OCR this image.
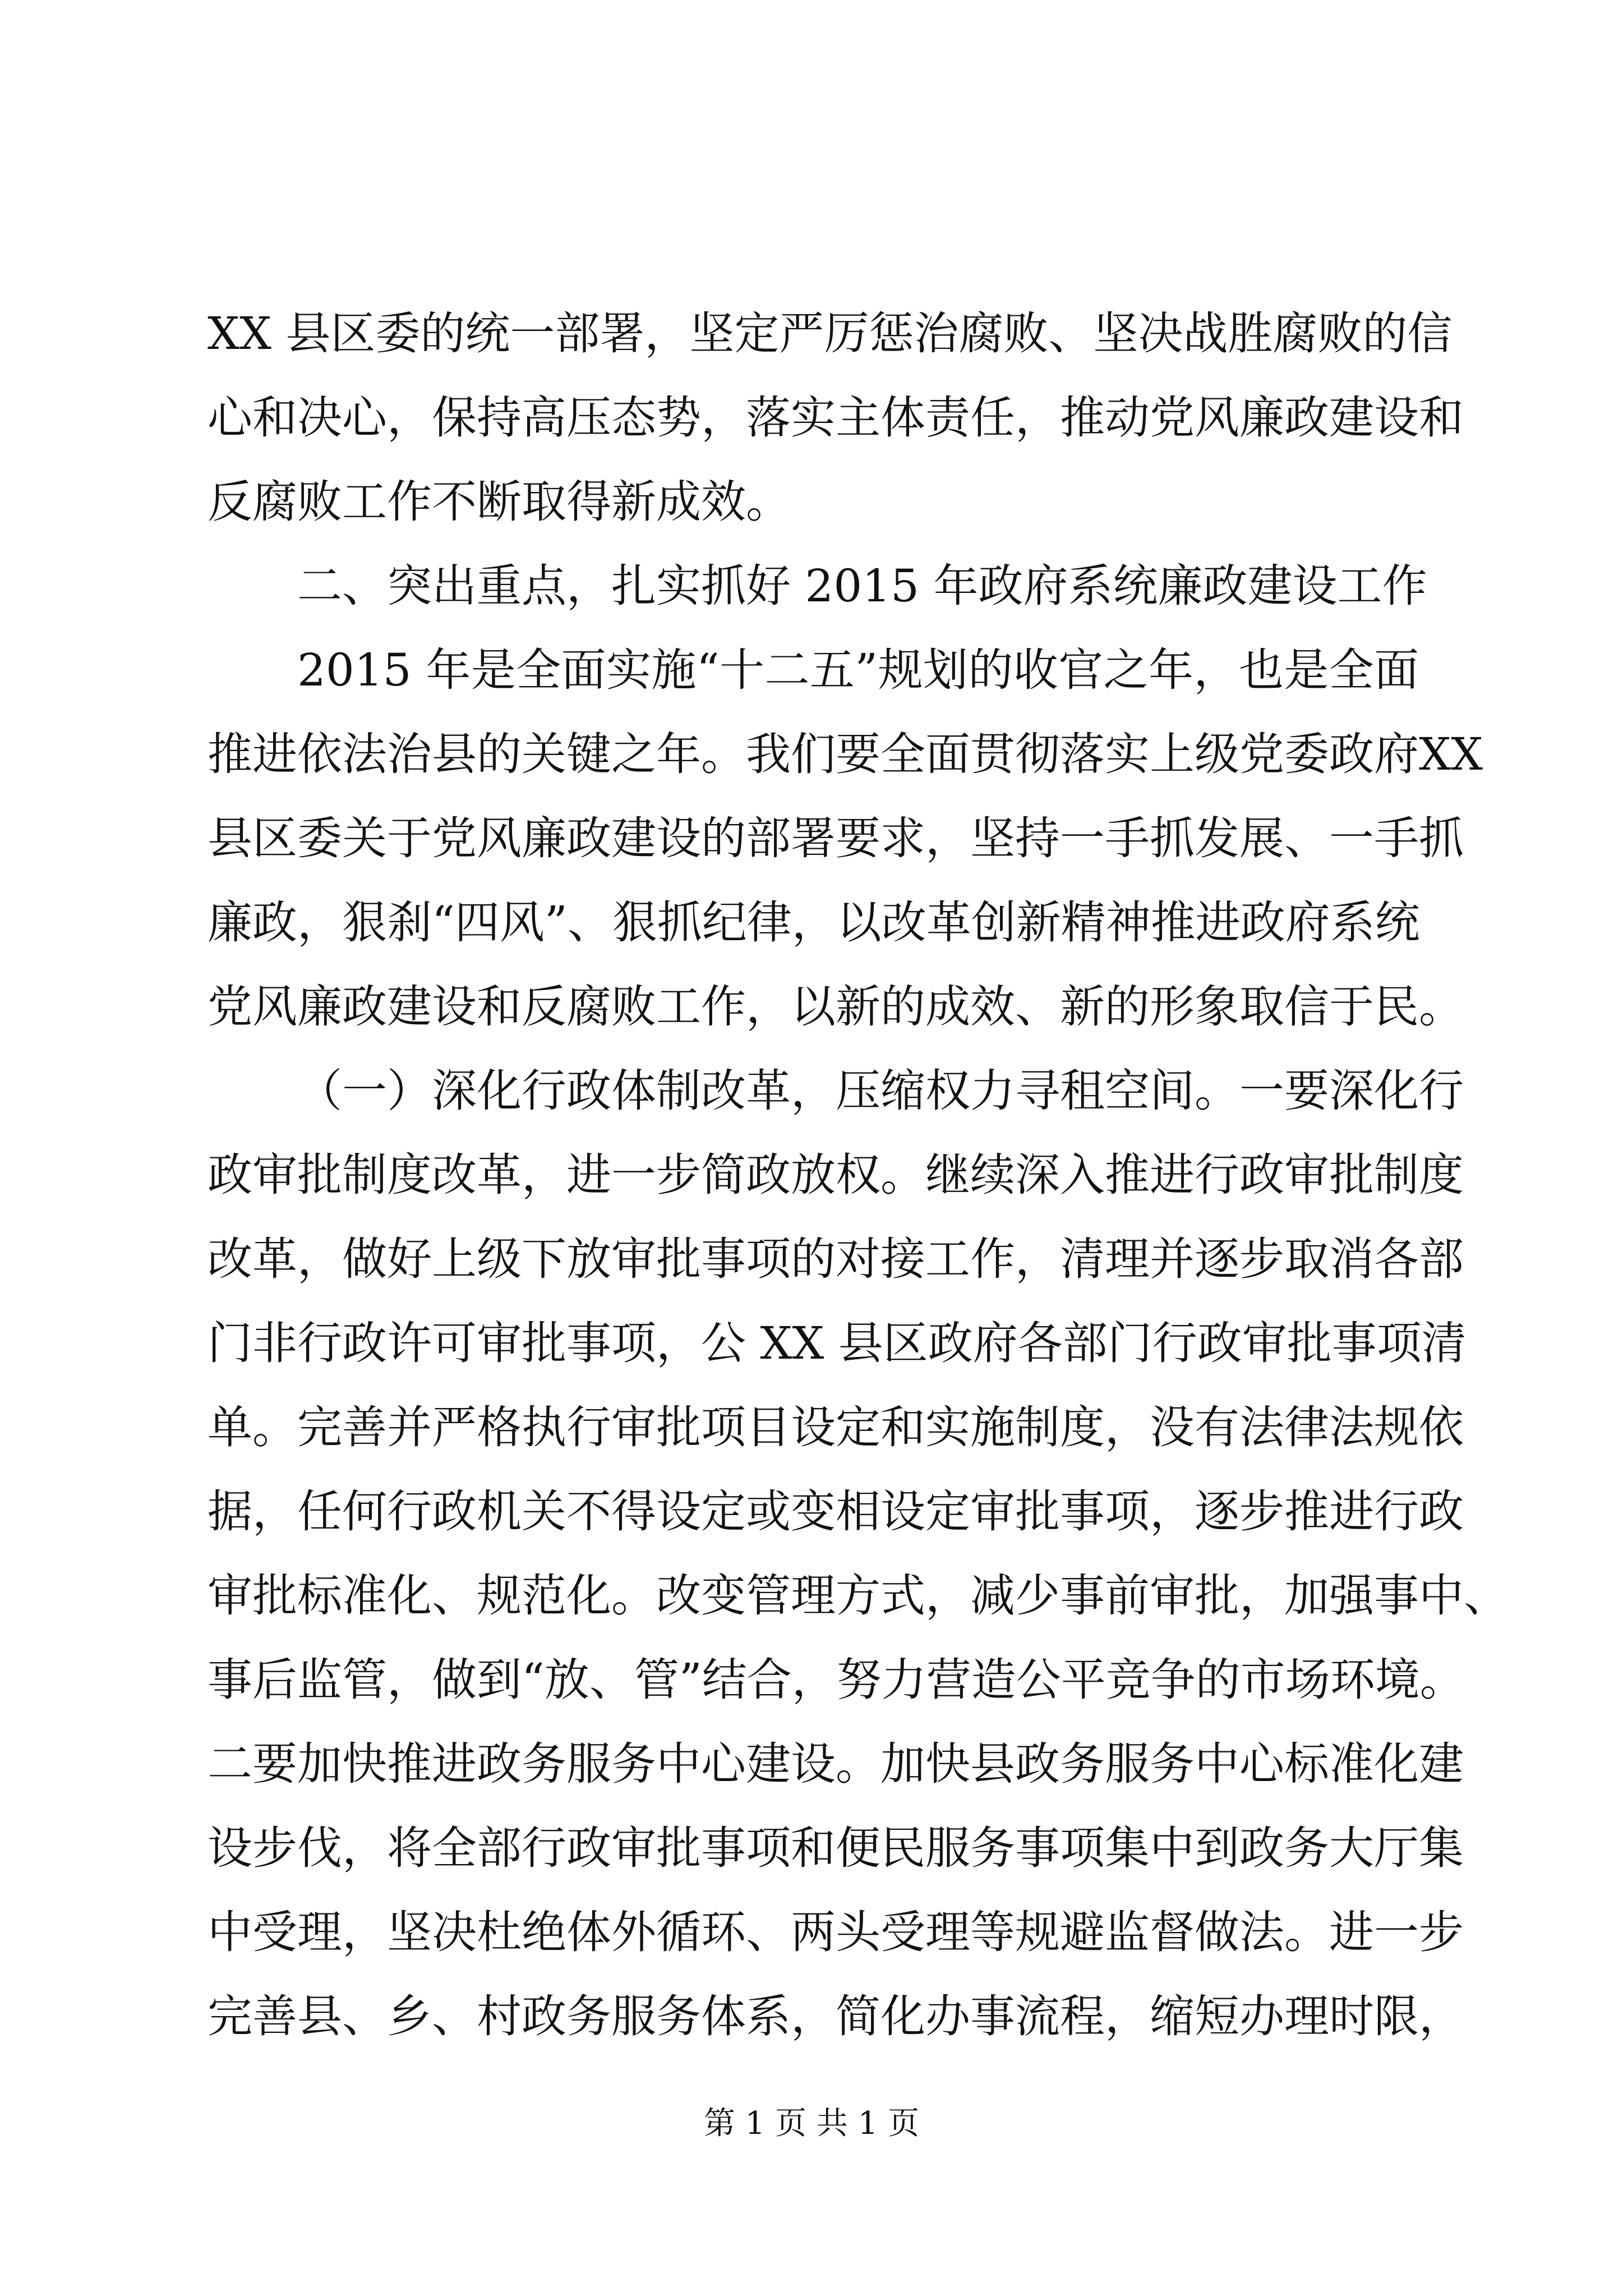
XX 县区委的统一部署，坚定严厉惩治腐败、坚决战胜腐败的信
心和决心，保持高压态势，落实主体责任，推动党风廉政建设和
反腐败工作不断取得新成效。
二、突出重点，扎实抓好 2015 年政府系统廉政建设工作
2015 年是全面实施“十二五”规划的收官之年，也是全面
推进依法治县的关键之年。我们要全面贯彻落实上级党委政府XX
县区委关于党风廉政建设的部署要求，坚持一手抓发展、一手抓
廉政，狠刹“四风”、狠抓纪律，以改革创新精神推进政府系统
党风廉政建设和反腐败工作，以新的成效、新的形象取信于民。
（一）深化行政体制改革，压缩权力寻租空间。一要深化行
政审批制度改革，进一步简政放权。继续深入推进行政审批制度
改革，做好上级下放审批事项的对接工作，清理并逐步取消各部
门非行政许可审批事项，公 XX 县区政府各部门行政审批事项清
单。完善并严格执行审批项目设定和实施制度，没有法律法规依
据，任何行政机关不得设定或变相设定审批事项，逐步推进行政
审批标准化、规范化。改变管理方式，减少事前审批，加强事中、
事后监管，做到“放、管”结合，努力营造公平竞争的市场环境。
二要加快推进政务服务中心建设。加快县政务服务中心标准化建
设步伐，将全部行政审批事项和便民服务事项集中到政务大厅集
中受理，坚决杜绝体外循环、两头受理等规避监督做法。进一步
完善县、乡、村政务服务体系，简化办事流程，缩短办理时限，
第 1 页 共 1 页
